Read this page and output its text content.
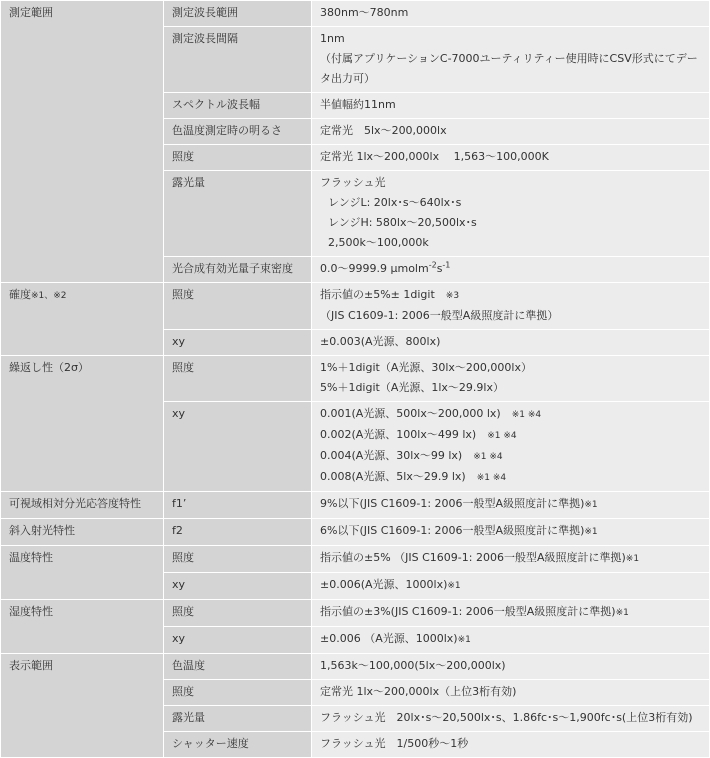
測定範囲	測定波長範囲	380nm～780nm
	測定波長間隔	1nm
（付属アプリケーションC-7000ユーティリティー使用時にCSV形式にてデータ出力可）

	スペクトル波長幅	半値幅約11nm
	色温度測定時の明るさ	定常光　5lx～200,000lx
	照度	定常光 1lx～200,000lx　 1,563～100,000K
	露光量	フラッシュ光
レンジL: 20lx･s～640lx･s
レンジH: 580lx～20,500lx･s
2,500k～100,000k

	光合成有効光量子束密度	0.0～9999.9 $\mu molm^{-2}s^{-1}$
確度※1、※2	照度	指示値の±5%± 1digit　 ※3
（JIS C1609-1: 2006一般型A級照度計に準拠）

	xy	±0.003(A光源、800lx)
繰返し性（2σ）	照度	1%＋1digit（A光源、30lx～200,000lx）
5%＋1digit（A光源、1lx～29.9lx）

	xy	0.001(A光源、500lx～200,000 lx)　 ※1 ※4
0.002(A光源、100lx～499 lx)　 ※1 ※4
0.004(A光源、30lx～99 lx)　 ※1 ※4
0.008(A光源、5lx～29.9 lx)　 ※1 ※4

可視域相対分光応答度特性	f1’	9%以下(JIS C1609-1: 2006一般型A級照度計に準拠)※1
斜入射光特性	f2	6%以下(JIS C1609-1: 2006一般型A級照度計に準拠)※1
温度特性	照度	指示値の±5% （JIS C1609-1: 2006一般型A級照度計に準拠)※1
	xy	±0.006(A光源、1000lx)※1
湿度特性	照度	指示値の±3%(JIS C1609-1: 2006一般型A級照度計に準拠)※1
	xy	±0.006 （A光源、1000lx)※1
表示範囲	色温度	1,563k～100,000(5lx～200,000lx)
	照度	定常光 1lx～200,000lx（上位3桁有効)
	露光量	フラッシュ光　20lx･s～20,500lx･s、1.86fc･s～1,900fc･s(上位3桁有効)
	シャッター速度	フラッシュ光　1/500秒～1秒
